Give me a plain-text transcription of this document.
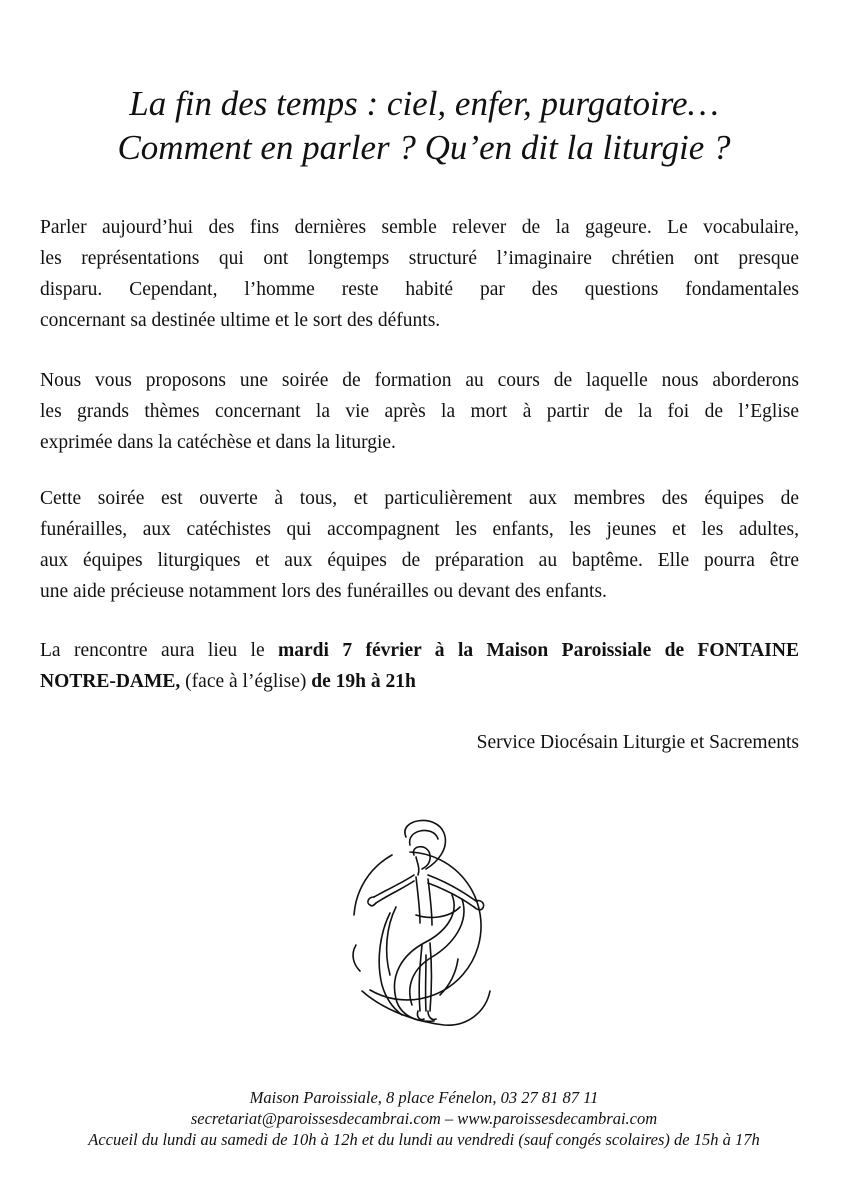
La fin des temps : ciel, enfer, purgatoire…
Comment en parler ? Qu’en dit la liturgie ?
Parler aujourd’hui des fins dernières semble relever de la gageure. Le vocabulaire,
les représentations qui ont longtemps structuré l’imaginaire chrétien ont presque
disparu. Cependant, l’homme reste habité par des questions fondamentales
concernant sa destinée ultime et le sort des défunts.
Nous vous proposons une soirée de formation au cours de laquelle nous aborderons
les grands thèmes concernant la vie après la mort à partir de la foi de l’Eglise
exprimée dans la catéchèse et dans la liturgie.
Cette soirée est ouverte à tous, et particulièrement aux membres des équipes de
funérailles, aux catéchistes qui accompagnent les enfants, les jeunes et les adultes,
aux équipes liturgiques et aux équipes de préparation au baptême. Elle pourra être
une aide précieuse notamment lors des funérailles ou devant des enfants.
La rencontre aura lieu le mardi 7 février à la Maison Paroissiale de FONTAINE
NOTRE-DAME, (face à l’église) de 19h à 21h
Service Diocésain Liturgie et Sacrements
Maison Paroissiale, 8 place Fénelon, 03 27 81 87 11
secretariat@paroissesdecambrai.com – www.paroissesdecambrai.com
Accueil du lundi au samedi de 10h à 12h et du lundi au vendredi (sauf congés scolaires) de 15h à 17h
